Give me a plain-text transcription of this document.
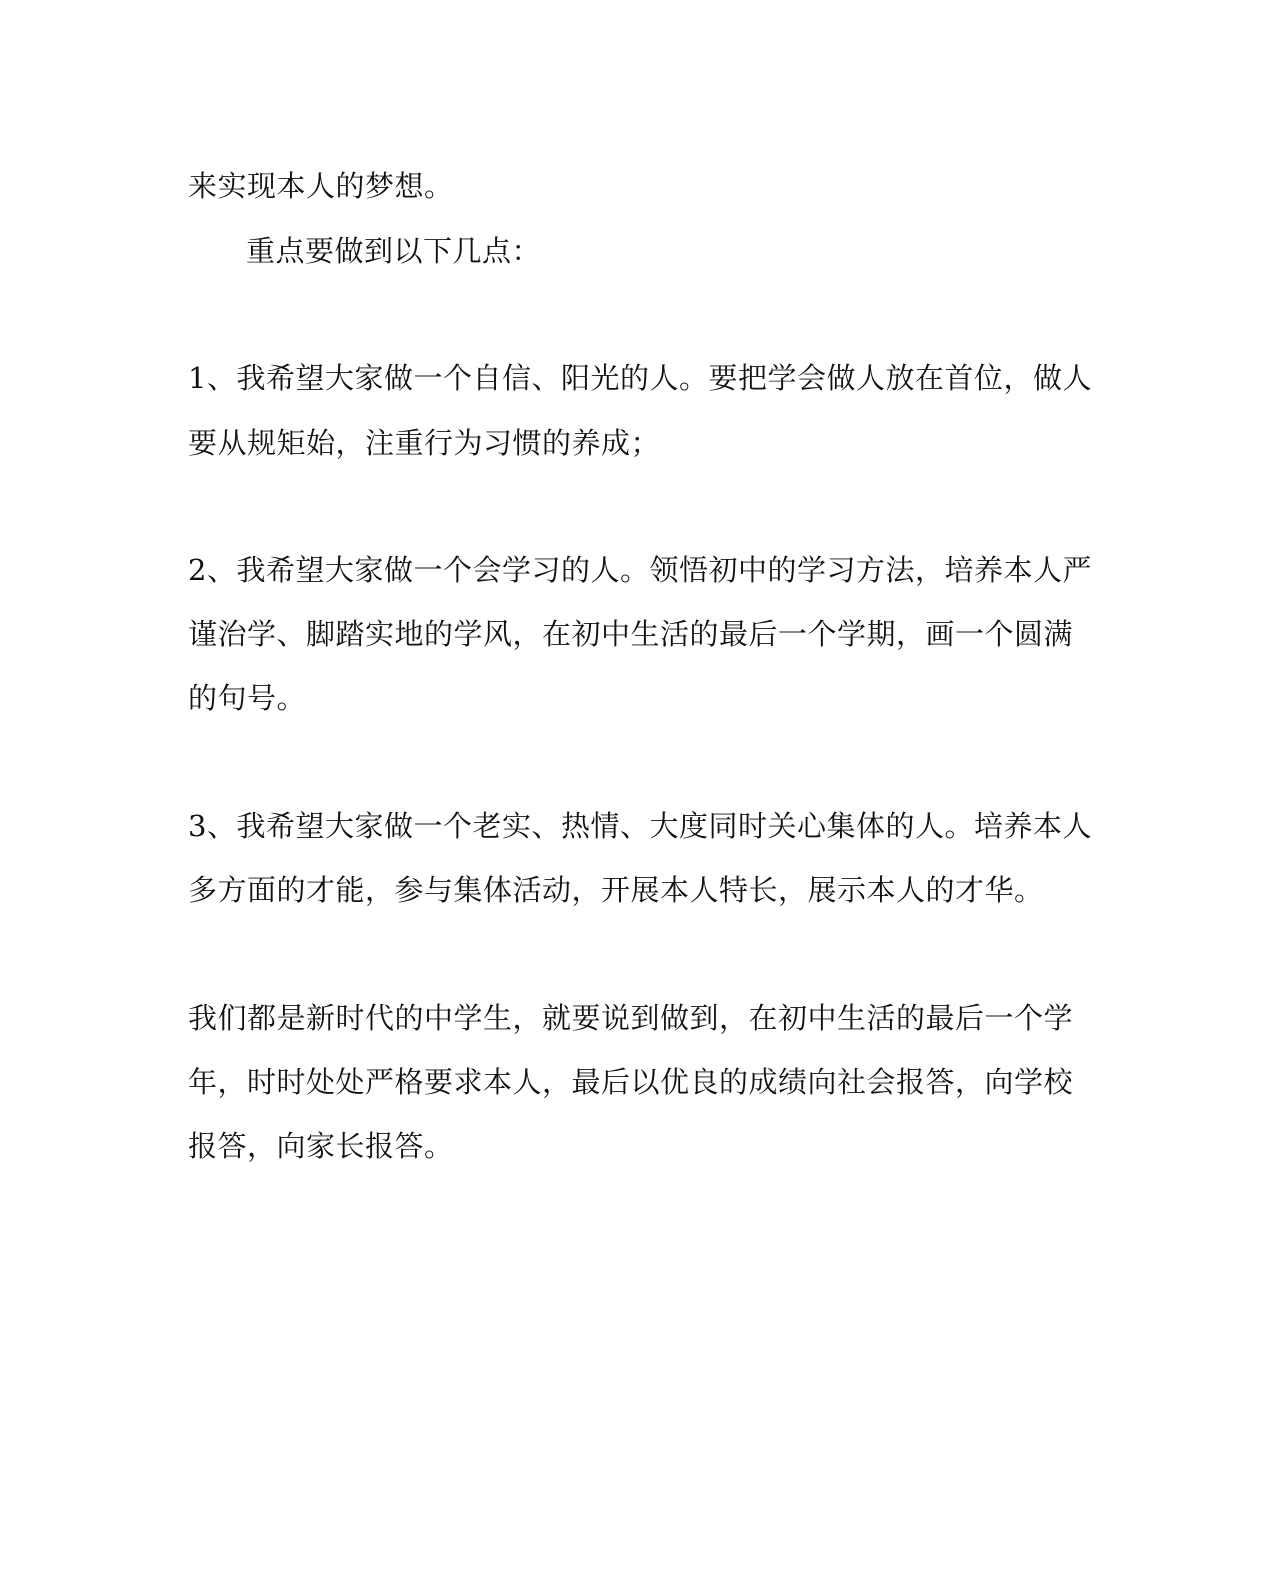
来实现本人的梦想。
重点要做到以下几点：
1、我希望大家做一个自信、阳光的人。要把学会做人放在首位，做人
要从规矩始，注重行为习惯的养成；
2、我希望大家做一个会学习的人。领悟初中的学习方法，培养本人严
谨治学、脚踏实地的学风，在初中生活的最后一个学期，画一个圆满
的句号。
3、我希望大家做一个老实、热情、大度同时关心集体的人。培养本人
多方面的才能，参与集体活动，开展本人特长，展示本人的才华。
我们都是新时代的中学生，就要说到做到，在初中生活的最后一个学
年，时时处处严格要求本人，最后以优良的成绩向社会报答，向学校
报答，向家长报答。
